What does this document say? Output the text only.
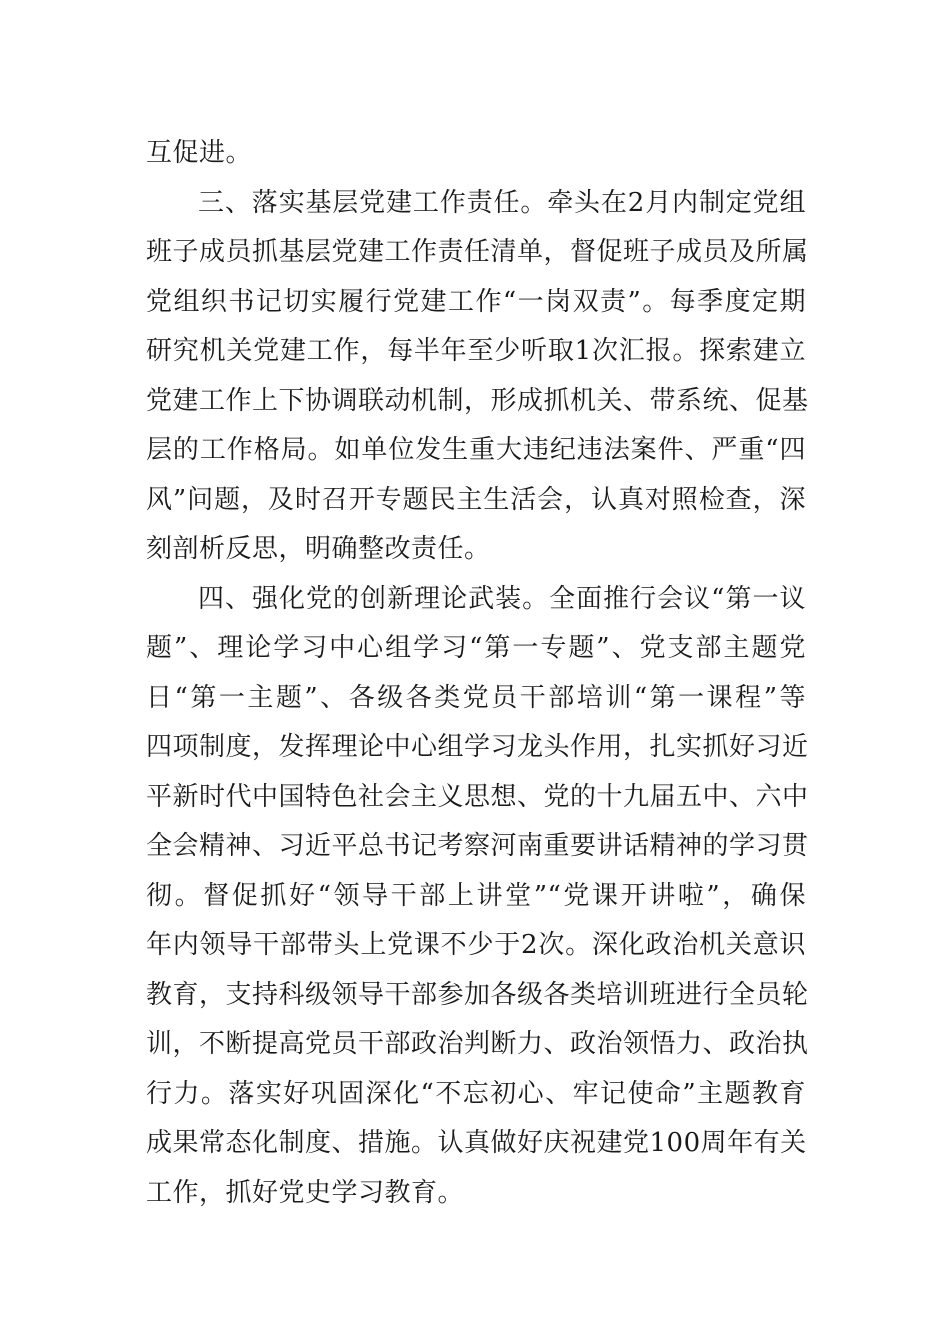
互促进。
三、落实基层党建工作责任。牵头在2月内制定党组
班子成员抓基层党建工作责任清单，督促班子成员及所属
党组织书记切实履行党建工作“一岗双责”。每季度定期
研究机关党建工作，每半年至少听取1次汇报。探索建立
党建工作上下协调联动机制，形成抓机关、带系统、促基
层的工作格局。如单位发生重大违纪违法案件、严重“四
风”问题，及时召开专题民主生活会，认真对照检查，深
刻剖析反思，明确整改责任。
四、强化党的创新理论武装。全面推行会议“第一议
题”、理论学习中心组学习“第一专题”、党支部主题党
日“第一主题”、各级各类党员干部培训“第一课程”等
四项制度，发挥理论中心组学习龙头作用，扎实抓好习近
平新时代中国特色社会主义思想、党的十九届五中、六中
全会精神、习近平总书记考察河南重要讲话精神的学习贯
彻。督促抓好“领导干部上讲堂”“党课开讲啦”，确保
年内领导干部带头上党课不少于2次。深化政治机关意识
教育，支持科级领导干部参加各级各类培训班进行全员轮
训，不断提高党员干部政治判断力、政治领悟力、政治执
行力。落实好巩固深化“不忘初心、牢记使命”主题教育
成果常态化制度、措施。认真做好庆祝建党100周年有关
工作，抓好党史学习教育。
